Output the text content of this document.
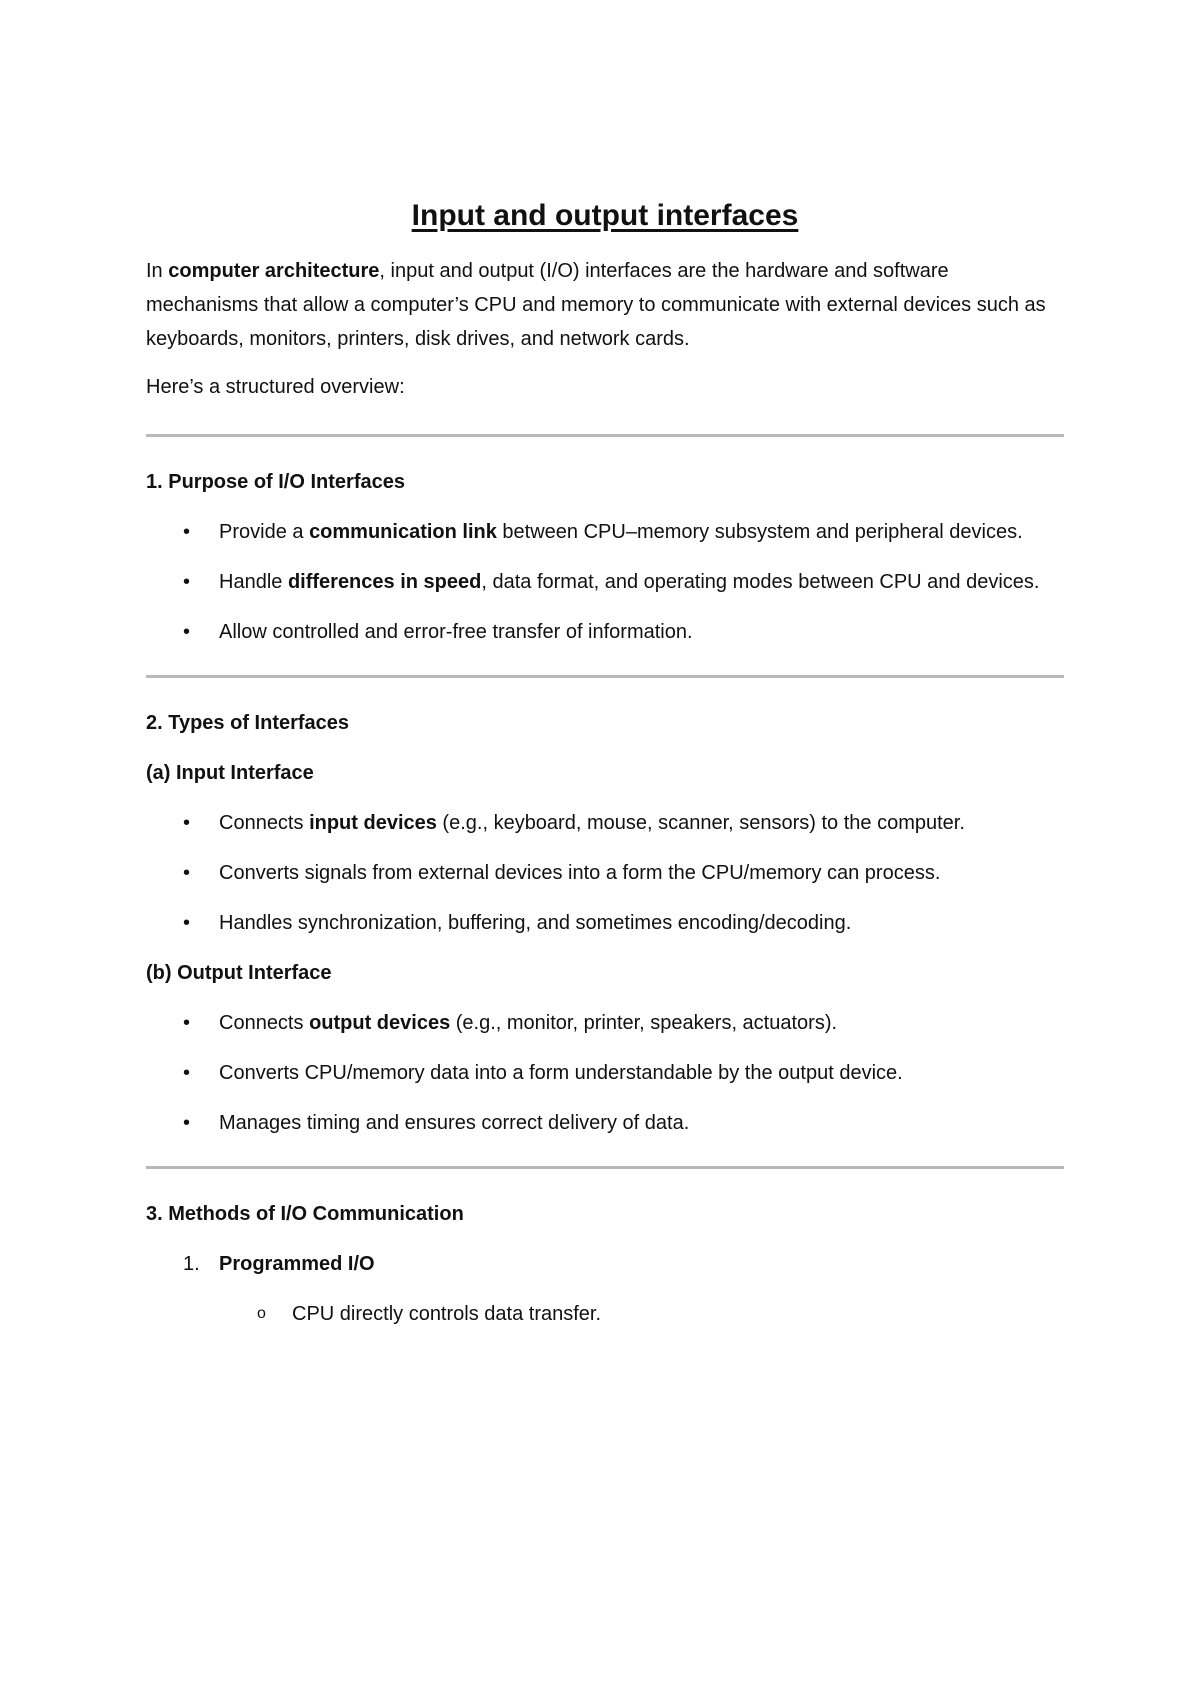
Input and output interfaces

In computer architecture, input and output (I/O) interfaces are the hardware and software mechanisms that allow a computer’s CPU and memory to communicate with external devices such as keyboards, monitors, printers, disk drives, and network cards.

Here’s a structured overview:

1. Purpose of I/O Interfaces

• Provide a communication link between CPU–memory subsystem and peripheral devices.
• Handle differences in speed, data format, and operating modes between CPU and devices.
• Allow controlled and error-free transfer of information.

2. Types of Interfaces

(a) Input Interface

• Connects input devices (e.g., keyboard, mouse, scanner, sensors) to the computer.
• Converts signals from external devices into a form the CPU/memory can process.
• Handles synchronization, buffering, and sometimes encoding/decoding.

(b) Output Interface

• Connects output devices (e.g., monitor, printer, speakers, actuators).
• Converts CPU/memory data into a form understandable by the output device.
• Manages timing and ensures correct delivery of data.

3. Methods of I/O Communication

1. Programmed I/O
o CPU directly controls data transfer.
